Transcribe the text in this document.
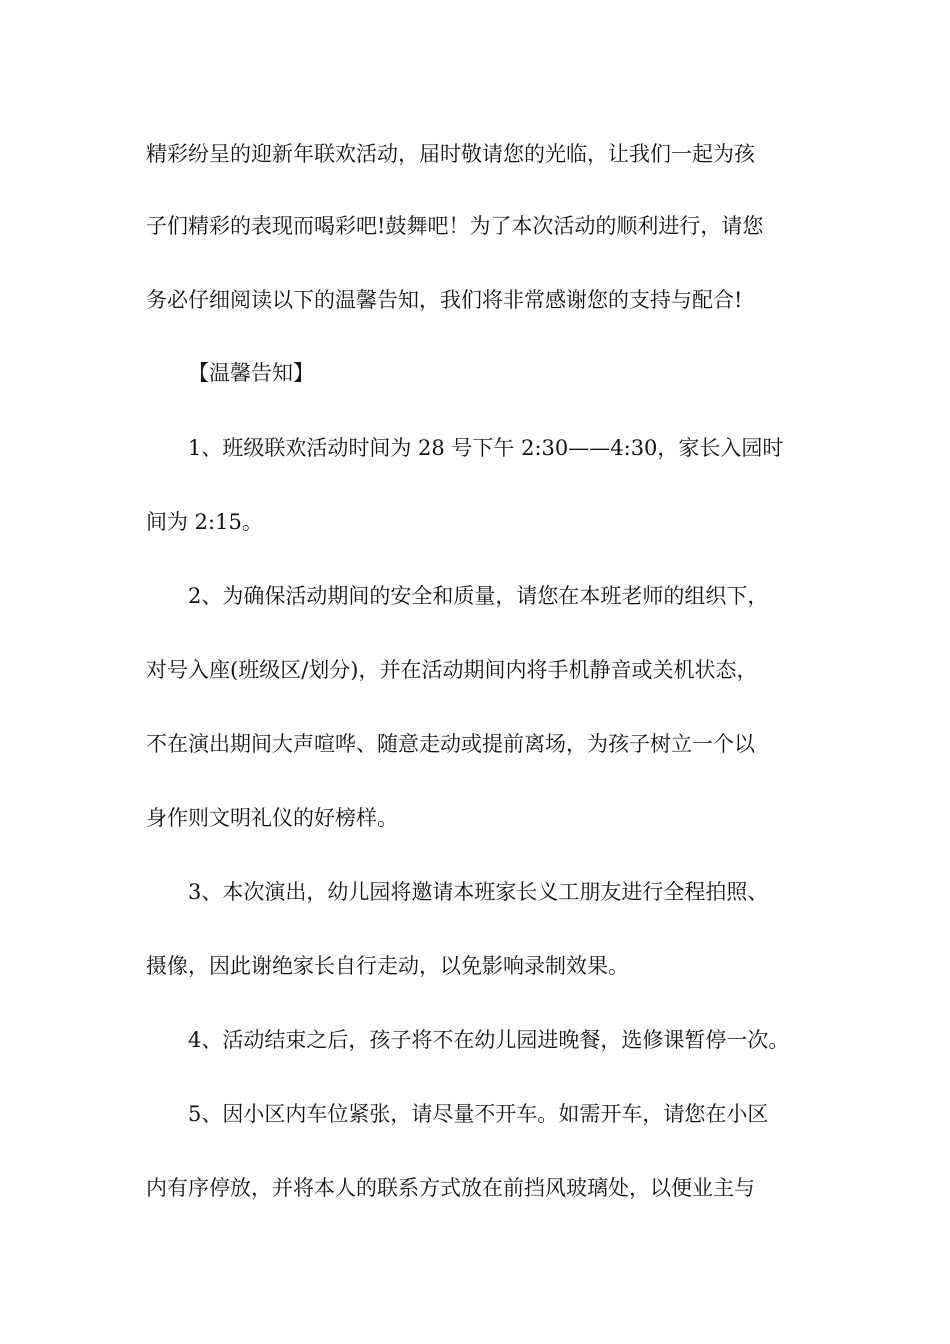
精彩纷呈的迎新年联欢活动，届时敬请您的光临，让我们一起为孩

子们精彩的表现而喝彩吧!鼓舞吧！为了本次活动的顺利进行，请您

务必仔细阅读以下的温馨告知，我们将非常感谢您的支持与配合!

【温馨告知】

1、班级联欢活动时间为 28 号下午 2:30——4:30，家长入园时

间为 2:15。

2、为确保活动期间的安全和质量，请您在本班老师的组织下，

对号入座(班级区/划分)，并在活动期间内将手机静音或关机状态，

不在演出期间大声喧哗、随意走动或提前离场，为孩子树立一个以

身作则文明礼仪的好榜样。

3、本次演出，幼儿园将邀请本班家长义工朋友进行全程拍照、

摄像，因此谢绝家长自行走动，以免影响录制效果。

4、活动结束之后，孩子将不在幼儿园进晚餐，选修课暂停一次。

5、因小区内车位紧张，请尽量不开车。如需开车，请您在小区

内有序停放，并将本人的联系方式放在前挡风玻璃处，以便业主与
